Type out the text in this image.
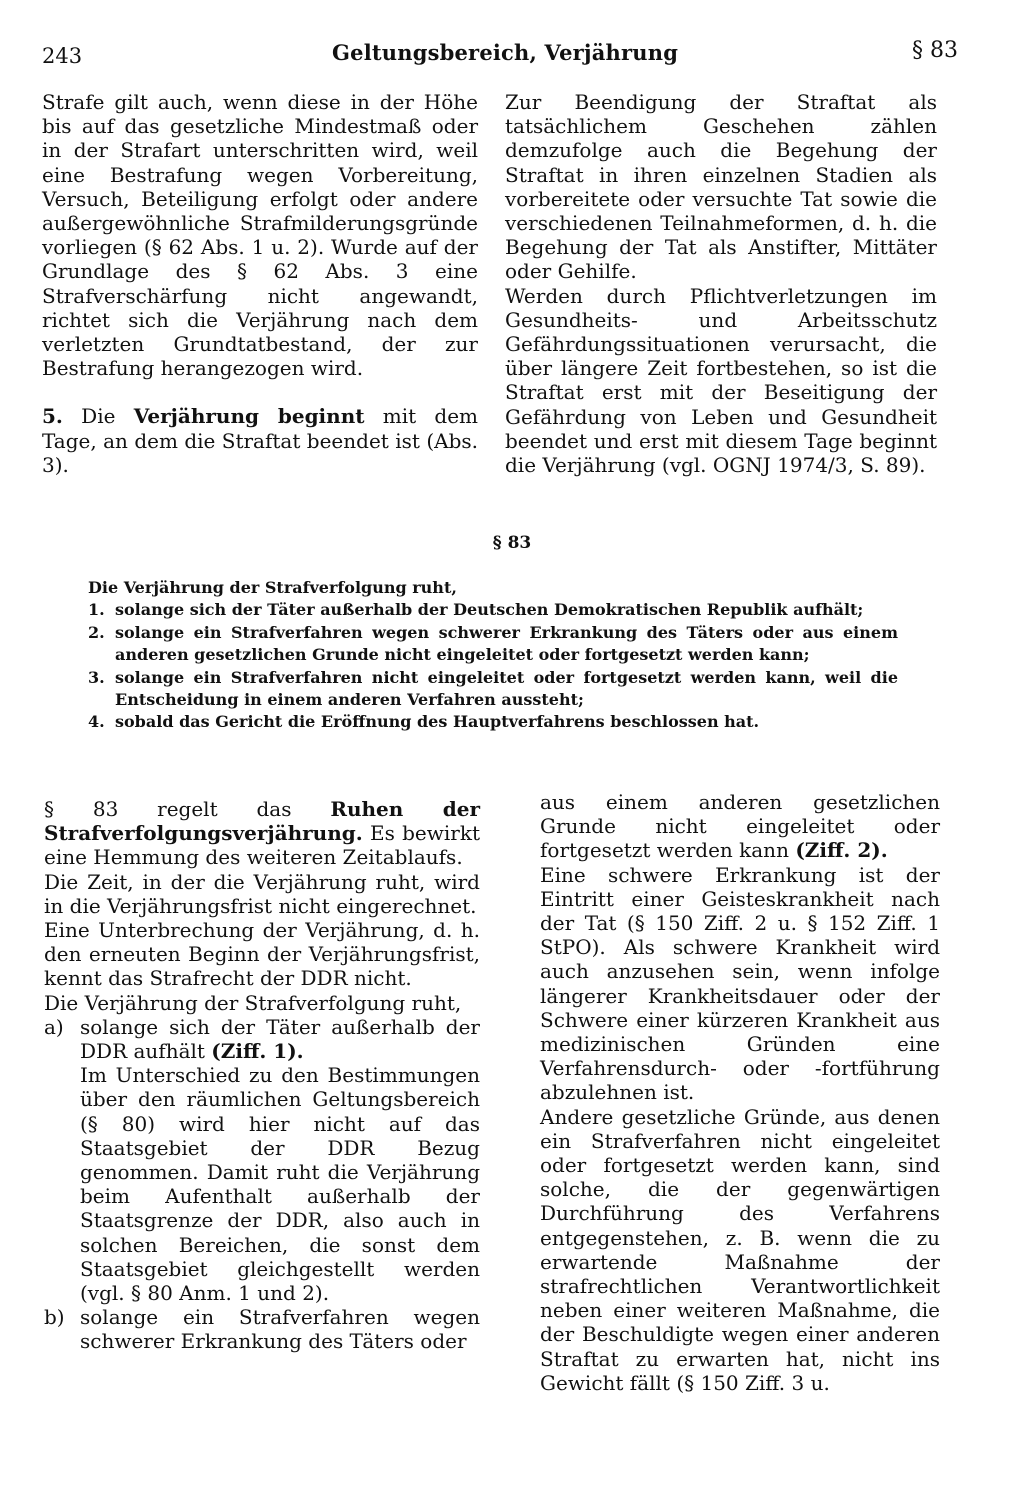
243	Geltungsbereich, Verjährung	§ 83

Strafe gilt auch, wenn diese in der Höhe bis auf das gesetzliche Mindestmaß oder in der Strafart unterschritten wird, weil eine Bestrafung wegen Vorbereitung, Versuch, Beteiligung erfolgt oder andere außergewöhnliche Strafmilderungsgründe vorliegen (§ 62 Abs. 1 u. 2). Wurde auf der Grundlage des § 62 Abs. 3 eine Strafverschärfung nicht angewandt, richtet sich die Verjährung nach dem verletzten Grundtatbestand, der zur Bestrafung herangezogen wird.

5. Die Verjährung beginnt mit dem Tage, an dem die Straftat beendet ist (Abs. 3).

Zur Beendigung der Straftat als tatsächlichem Geschehen zählen demzufolge auch die Begehung der Straftat in ihren einzelnen Stadien als vorbereitete oder versuchte Tat sowie die verschiedenen Teilnahmeformen, d. h. die Begehung der Tat als Anstifter, Mittäter oder Gehilfe.

Werden durch Pflichtverletzungen im Gesundheits- und Arbeitsschutz Gefährdungssituationen verursacht, die über längere Zeit fortbestehen, so ist die Straftat erst mit der Beseitigung der Gefährdung von Leben und Gesundheit beendet und erst mit diesem Tage beginnt die Verjährung (vgl. OGNJ 1974/3, S. 89).

§ 83

Die Verjährung der Strafverfolgung ruht,

1. solange sich der Täter außerhalb der Deutschen Demokratischen Republik aufhält;
2. solange ein Strafverfahren wegen schwerer Erkrankung des Täters oder aus einem anderen gesetzlichen Grunde nicht eingeleitet oder fortgesetzt werden kann;
3. solange ein Strafverfahren nicht eingeleitet oder fortgesetzt werden kann, weil die Entscheidung in einem anderen Verfahren aussteht;
4. sobald das Gericht die Eröffnung des Hauptverfahrens beschlossen hat.

§ 83 regelt das Ruhen der Strafverfolgungsverjährung. Es bewirkt eine Hemmung des weiteren Zeitablaufs.

Die Zeit, in der die Verjährung ruht, wird in die Verjährungsfrist nicht eingerechnet.

Eine Unterbrechung der Verjährung, d. h. den erneuten Beginn der Verjährungsfrist, kennt das Strafrecht der DDR nicht.

Die Verjährung der Strafverfolgung ruht,

a) solange sich der Täter außerhalb der DDR aufhält (Ziff. 1).

Im Unterschied zu den Bestimmungen über den räumlichen Geltungsbereich (§ 80) wird hier nicht auf das Staatsgebiet der DDR Bezug genommen. Damit ruht die Verjährung beim Aufenthalt außerhalb der Staatsgrenze der DDR, also auch in solchen Bereichen, die sonst dem Staatsgebiet gleichgestellt werden (vgl. § 80 Anm. 1 und 2).

b) solange ein Strafverfahren wegen schwerer Erkrankung des Täters oder

aus einem anderen gesetzlichen Grunde nicht eingeleitet oder fortgesetzt werden kann (Ziff. 2).

Eine schwere Erkrankung ist der Eintritt einer Geisteskrankheit nach der Tat (§ 150 Ziff. 2 u. § 152 Ziff. 1 StPO). Als schwere Krankheit wird auch anzusehen sein, wenn infolge längerer Krankheitsdauer oder der Schwere einer kürzeren Krankheit aus medizinischen Gründen eine Verfahrensdurch- oder -fortführung abzulehnen ist.

Andere gesetzliche Gründe, aus denen ein Strafverfahren nicht eingeleitet oder fortgesetzt werden kann, sind solche, die der gegenwärtigen Durchführung des Verfahrens entgegenstehen, z. B. wenn die zu erwartende Maßnahme der strafrechtlichen Verantwortlichkeit neben einer weiteren Maßnahme, die der Beschuldigte wegen einer anderen Straftat zu erwarten hat, nicht ins Gewicht fällt (§ 150 Ziff. 3 u.
